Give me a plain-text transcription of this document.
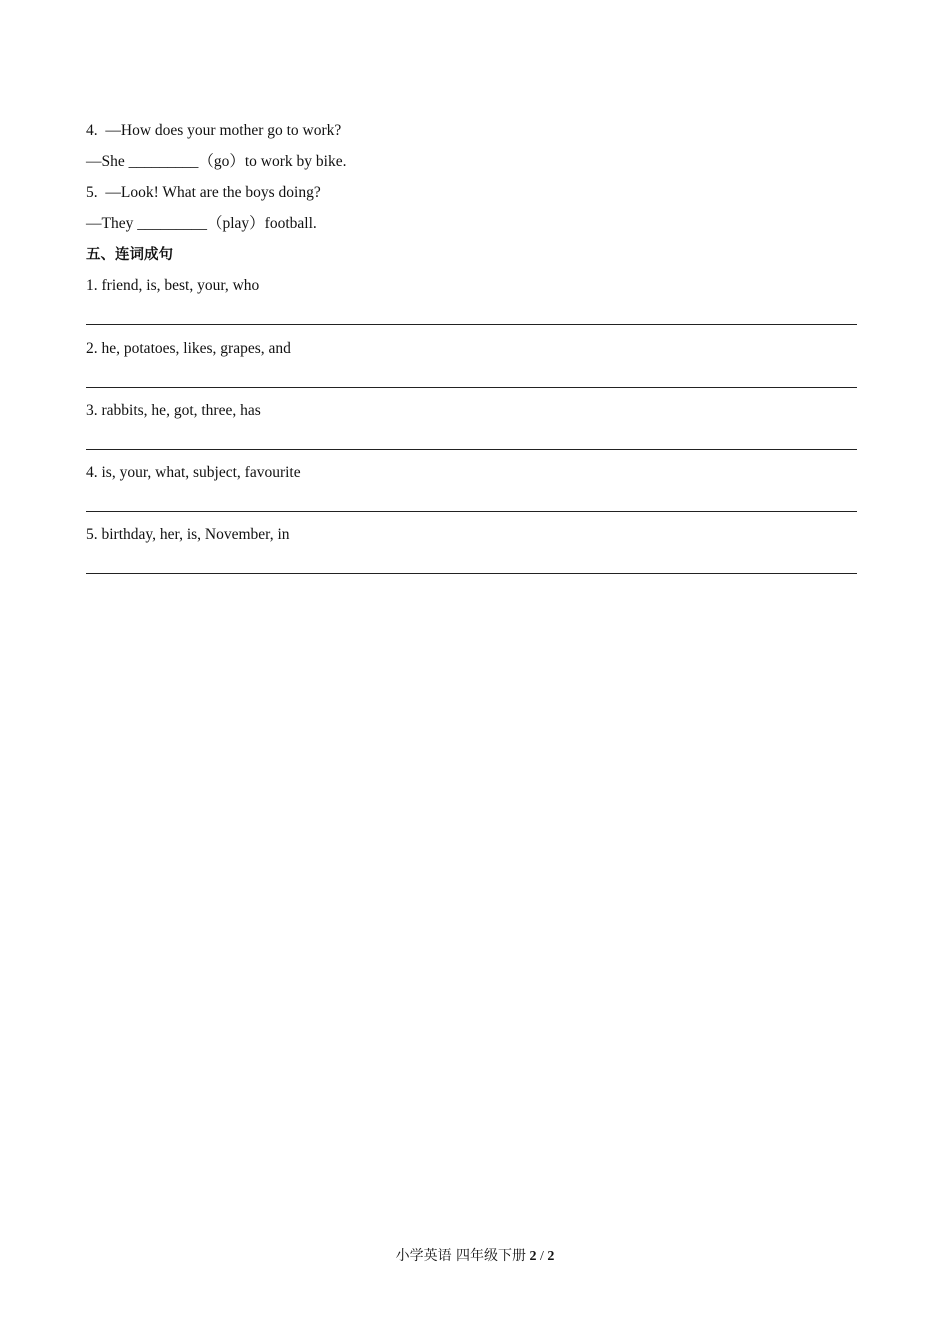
4.  —How does your mother go to work?
—She _________（go）to work by bike.
5.  —Look! What are the boys doing?
—They _________（play）football.
五、连词成句
1. friend, is, best, your, who
2. he, potatoes, likes, grapes, and
3. rabbits, he, got, three, has
4. is, your, what, subject, favourite
5. birthday, her, is, November, in
小学英语 四年级下册 2 / 2
